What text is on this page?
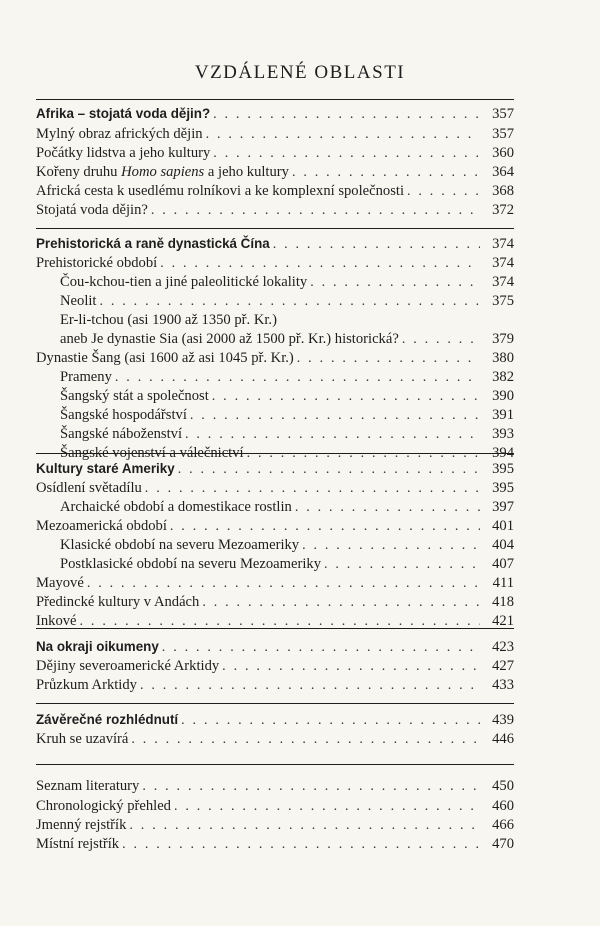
VZDÁLENÉ OBLASTI
Afrika – stojatá voda dějin? . . .	357
Mylný obraz afrických dějin . . .	357
Počátky lidstva a jeho kultury . . .	360
Kořeny druhu Homo sapiens a jeho kultury . . .	364
Africká cesta k usedlému rolníkovi a ke komplexní společnosti . . .	368
Stojatá voda dějin? . . .	372
Prehistorická a raně dynastická Čína . . .	374
Prehistorické období . . .	374
Čou-kchou-tien a jiné paleolitické lokality . . .	374
Neolit . . .	375
Er-li-tchou (asi 1900 až 1350 př. Kr.)
aneb Je dynastie Sia (asi 2000 až 1500 př. Kr.) historická? . . .	379
Dynastie Šang (asi 1600 až asi 1045 př. Kr.) . . .	380
Prameny . . .	382
Šangský stát a společnost . . .	390
Šangské hospodářství . . .	391
Šangské náboženství . . .	393
Šangské vojenství a válečnictví . . .	394
Kultury staré Ameriky . . .	395
Osídlení světadílu . . .	395
Archaické období a domestikace rostlin . . .	397
Mezoamerická období . . .	401
Klasické období na severu Mezoameriky . . .	404
Postklasické období na severu Mezoameriky . . .	407
Mayové . . .	411
Předincké kultury v Andách . . .	418
Inkové . . .	421
Na okraji oikumeny . . .	423
Dějiny severoamerické Arktidy . . .	427
Průzkum Arktidy . . .	433
Závěrečné rozhlédnutí . . .	439
Kruh se uzavírá . . .	446
Seznam literatury . . .	450
Chronologický přehled . . .	460
Jmenný rejstřík . . .	466
Místní rejstřík . . .	470
